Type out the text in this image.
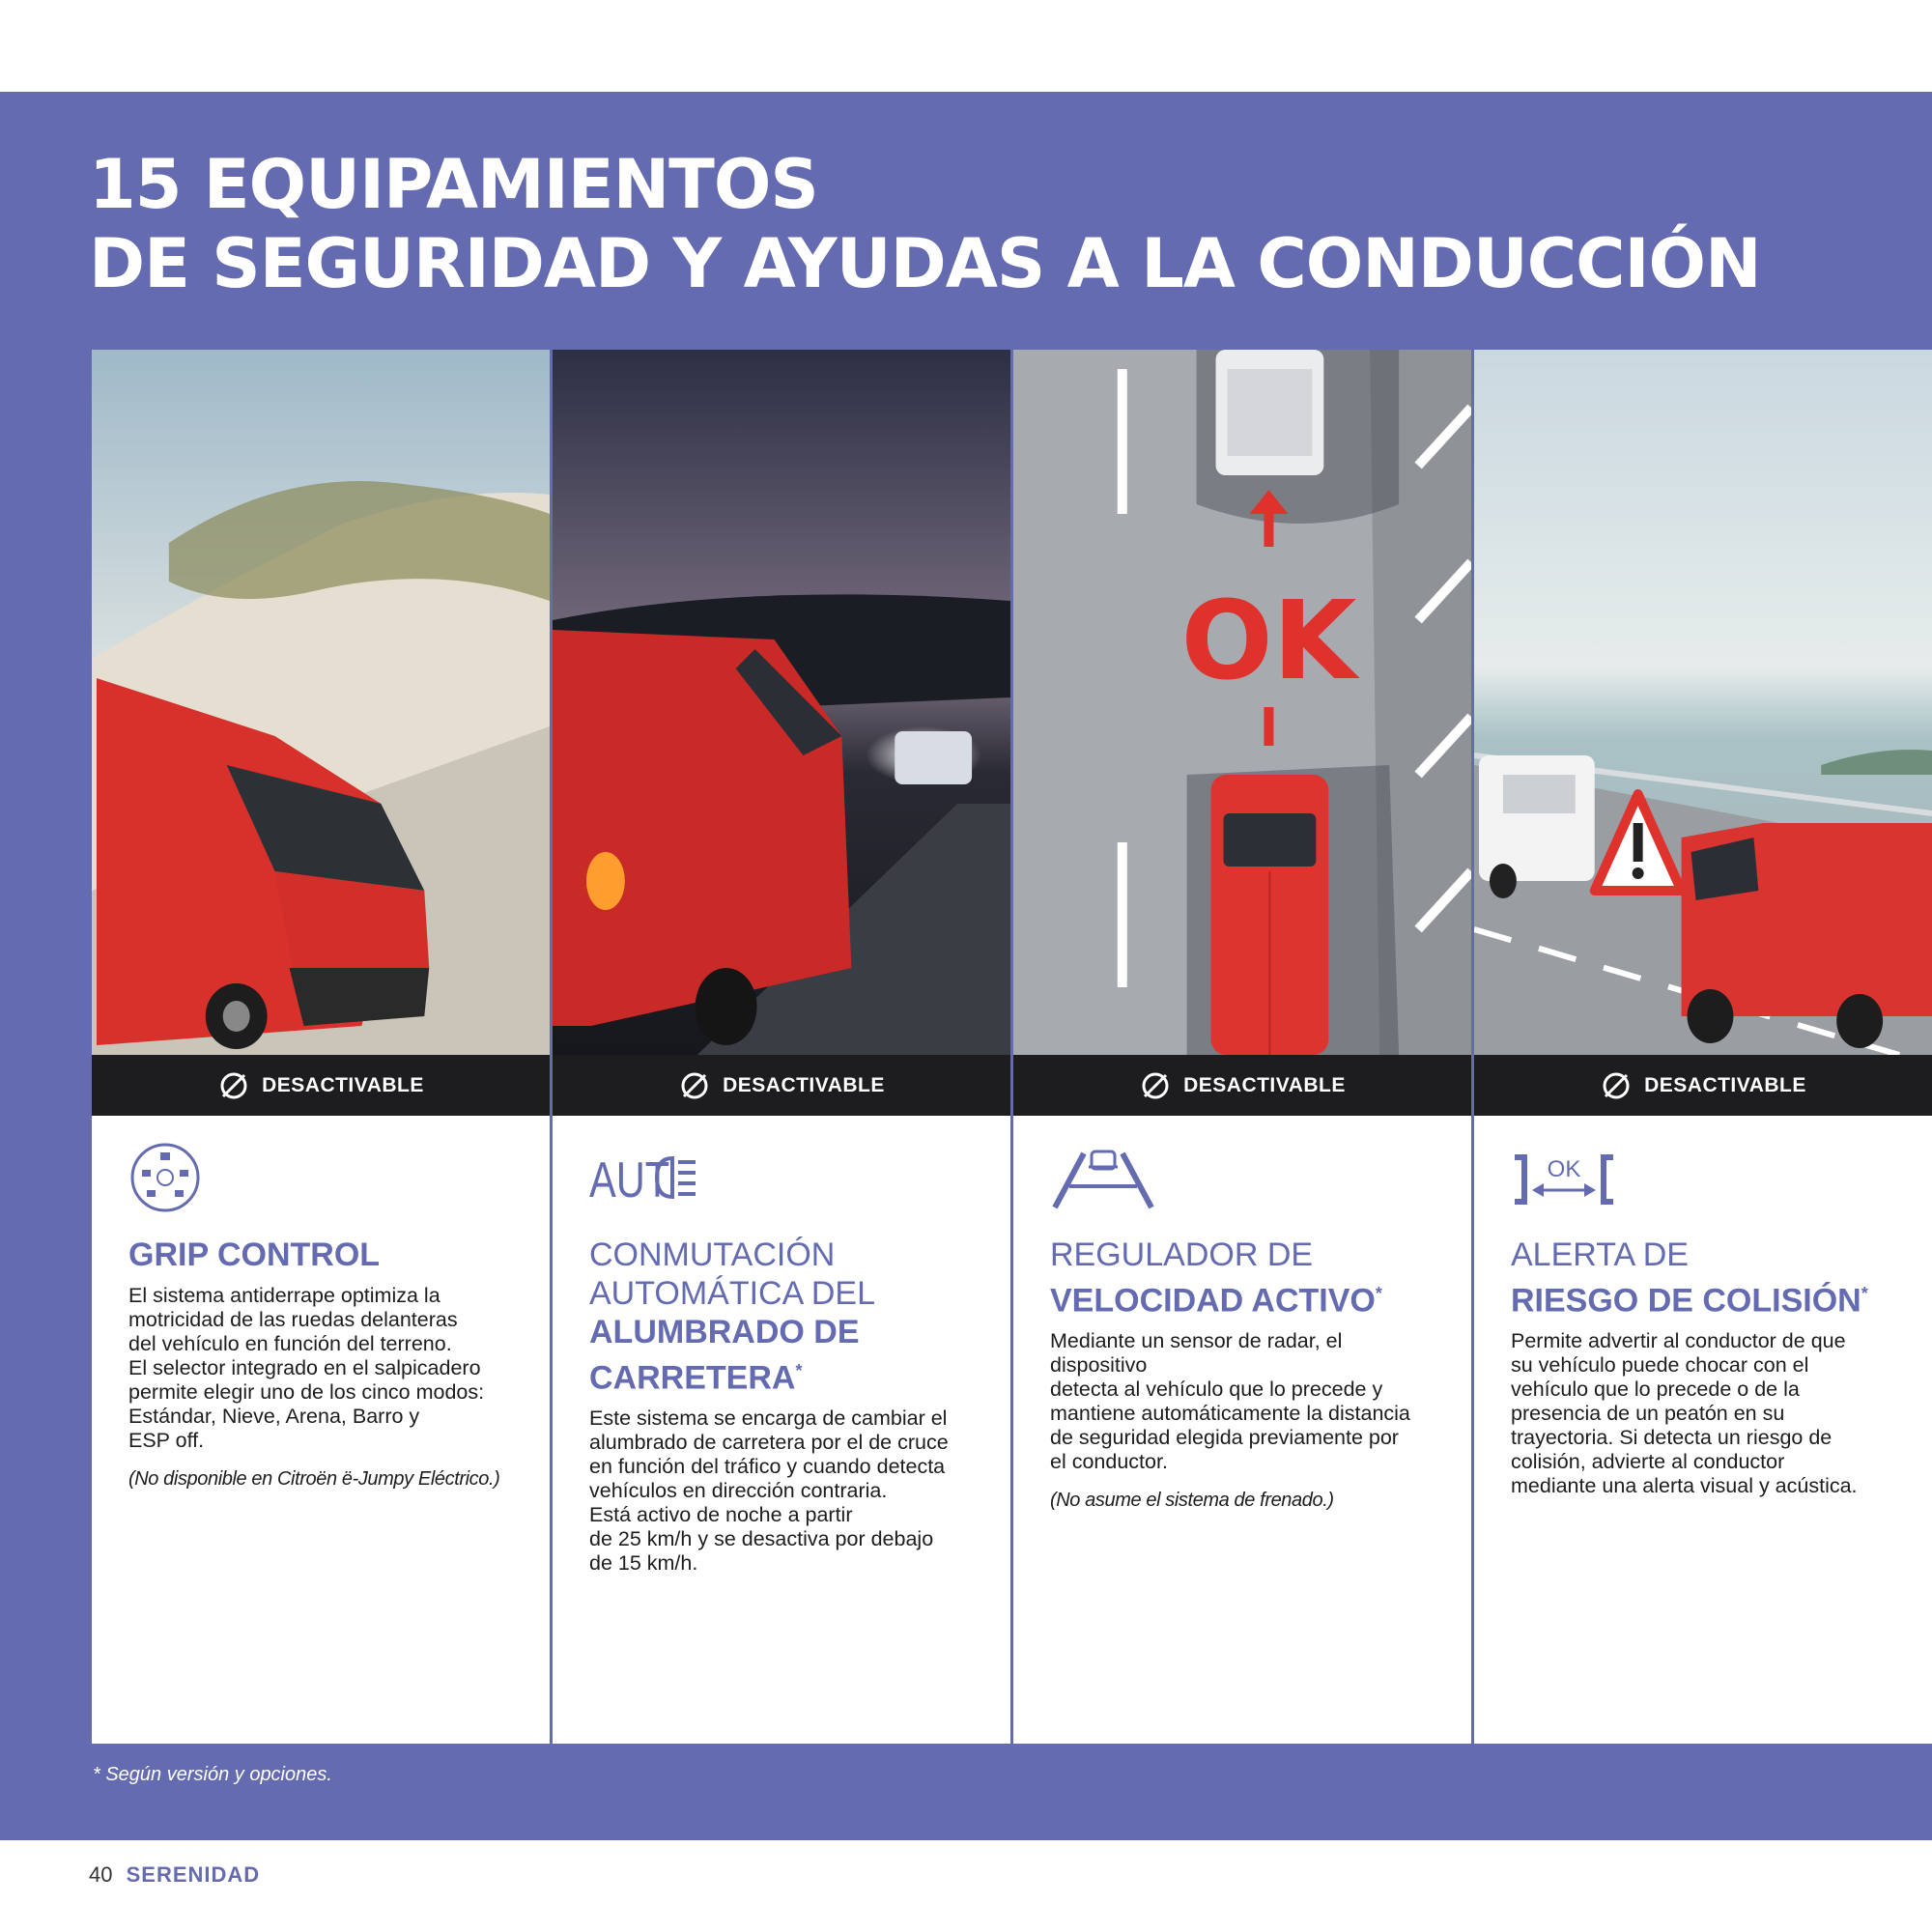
15 EQUIPAMIENTOS
DE SEGURIDAD Y AYUDAS A LA CONDUCCIÓN
DESACTIVABLE
GRIP CONTROL

El sistema antiderrape optimiza la
motricidad de las ruedas delanteras
del vehículo en función del terreno.
El selector integrado en el salpicadero
permite elegir uno de los cinco modos:
Estándar, Nieve, Arena, Barro y
ESP off.

(No disponible en Citroën ë-Jumpy Eléctrico.)

DESACTIVABLE
AUT
CONMUTACIÓN
AUTOMÁTICA DEL
ALUMBRADO DE
CARRETERA*

Este sistema se encarga de cambiar el
alumbrado de carretera por el de cruce
en función del tráfico y cuando detecta
vehículos en dirección contraria.
Está activo de noche a partir
de 25 km/h y se desactiva por debajo
de 15 km/h.

OK
DESACTIVABLE
REGULADOR DE
VELOCIDAD ACTIVO*

Mediante un sensor de radar, el dispositivo
detecta al vehículo que lo precede y
mantiene automáticamente la distancia
de seguridad elegida previamente por
el conductor.

(No asume el sistema de frenado.)

DESACTIVABLE
OK
ALERTA DE
RIESGO DE COLISIÓN*

Permite advertir al conductor de que
su vehículo puede chocar con el
vehículo que lo precede o de la
presencia de un peatón en su
trayectoria. Si detecta un riesgo de
colisión, advierte al conductor
mediante una alerta visual y acústica.

* Según versión y opciones.
40 SERENIDAD
